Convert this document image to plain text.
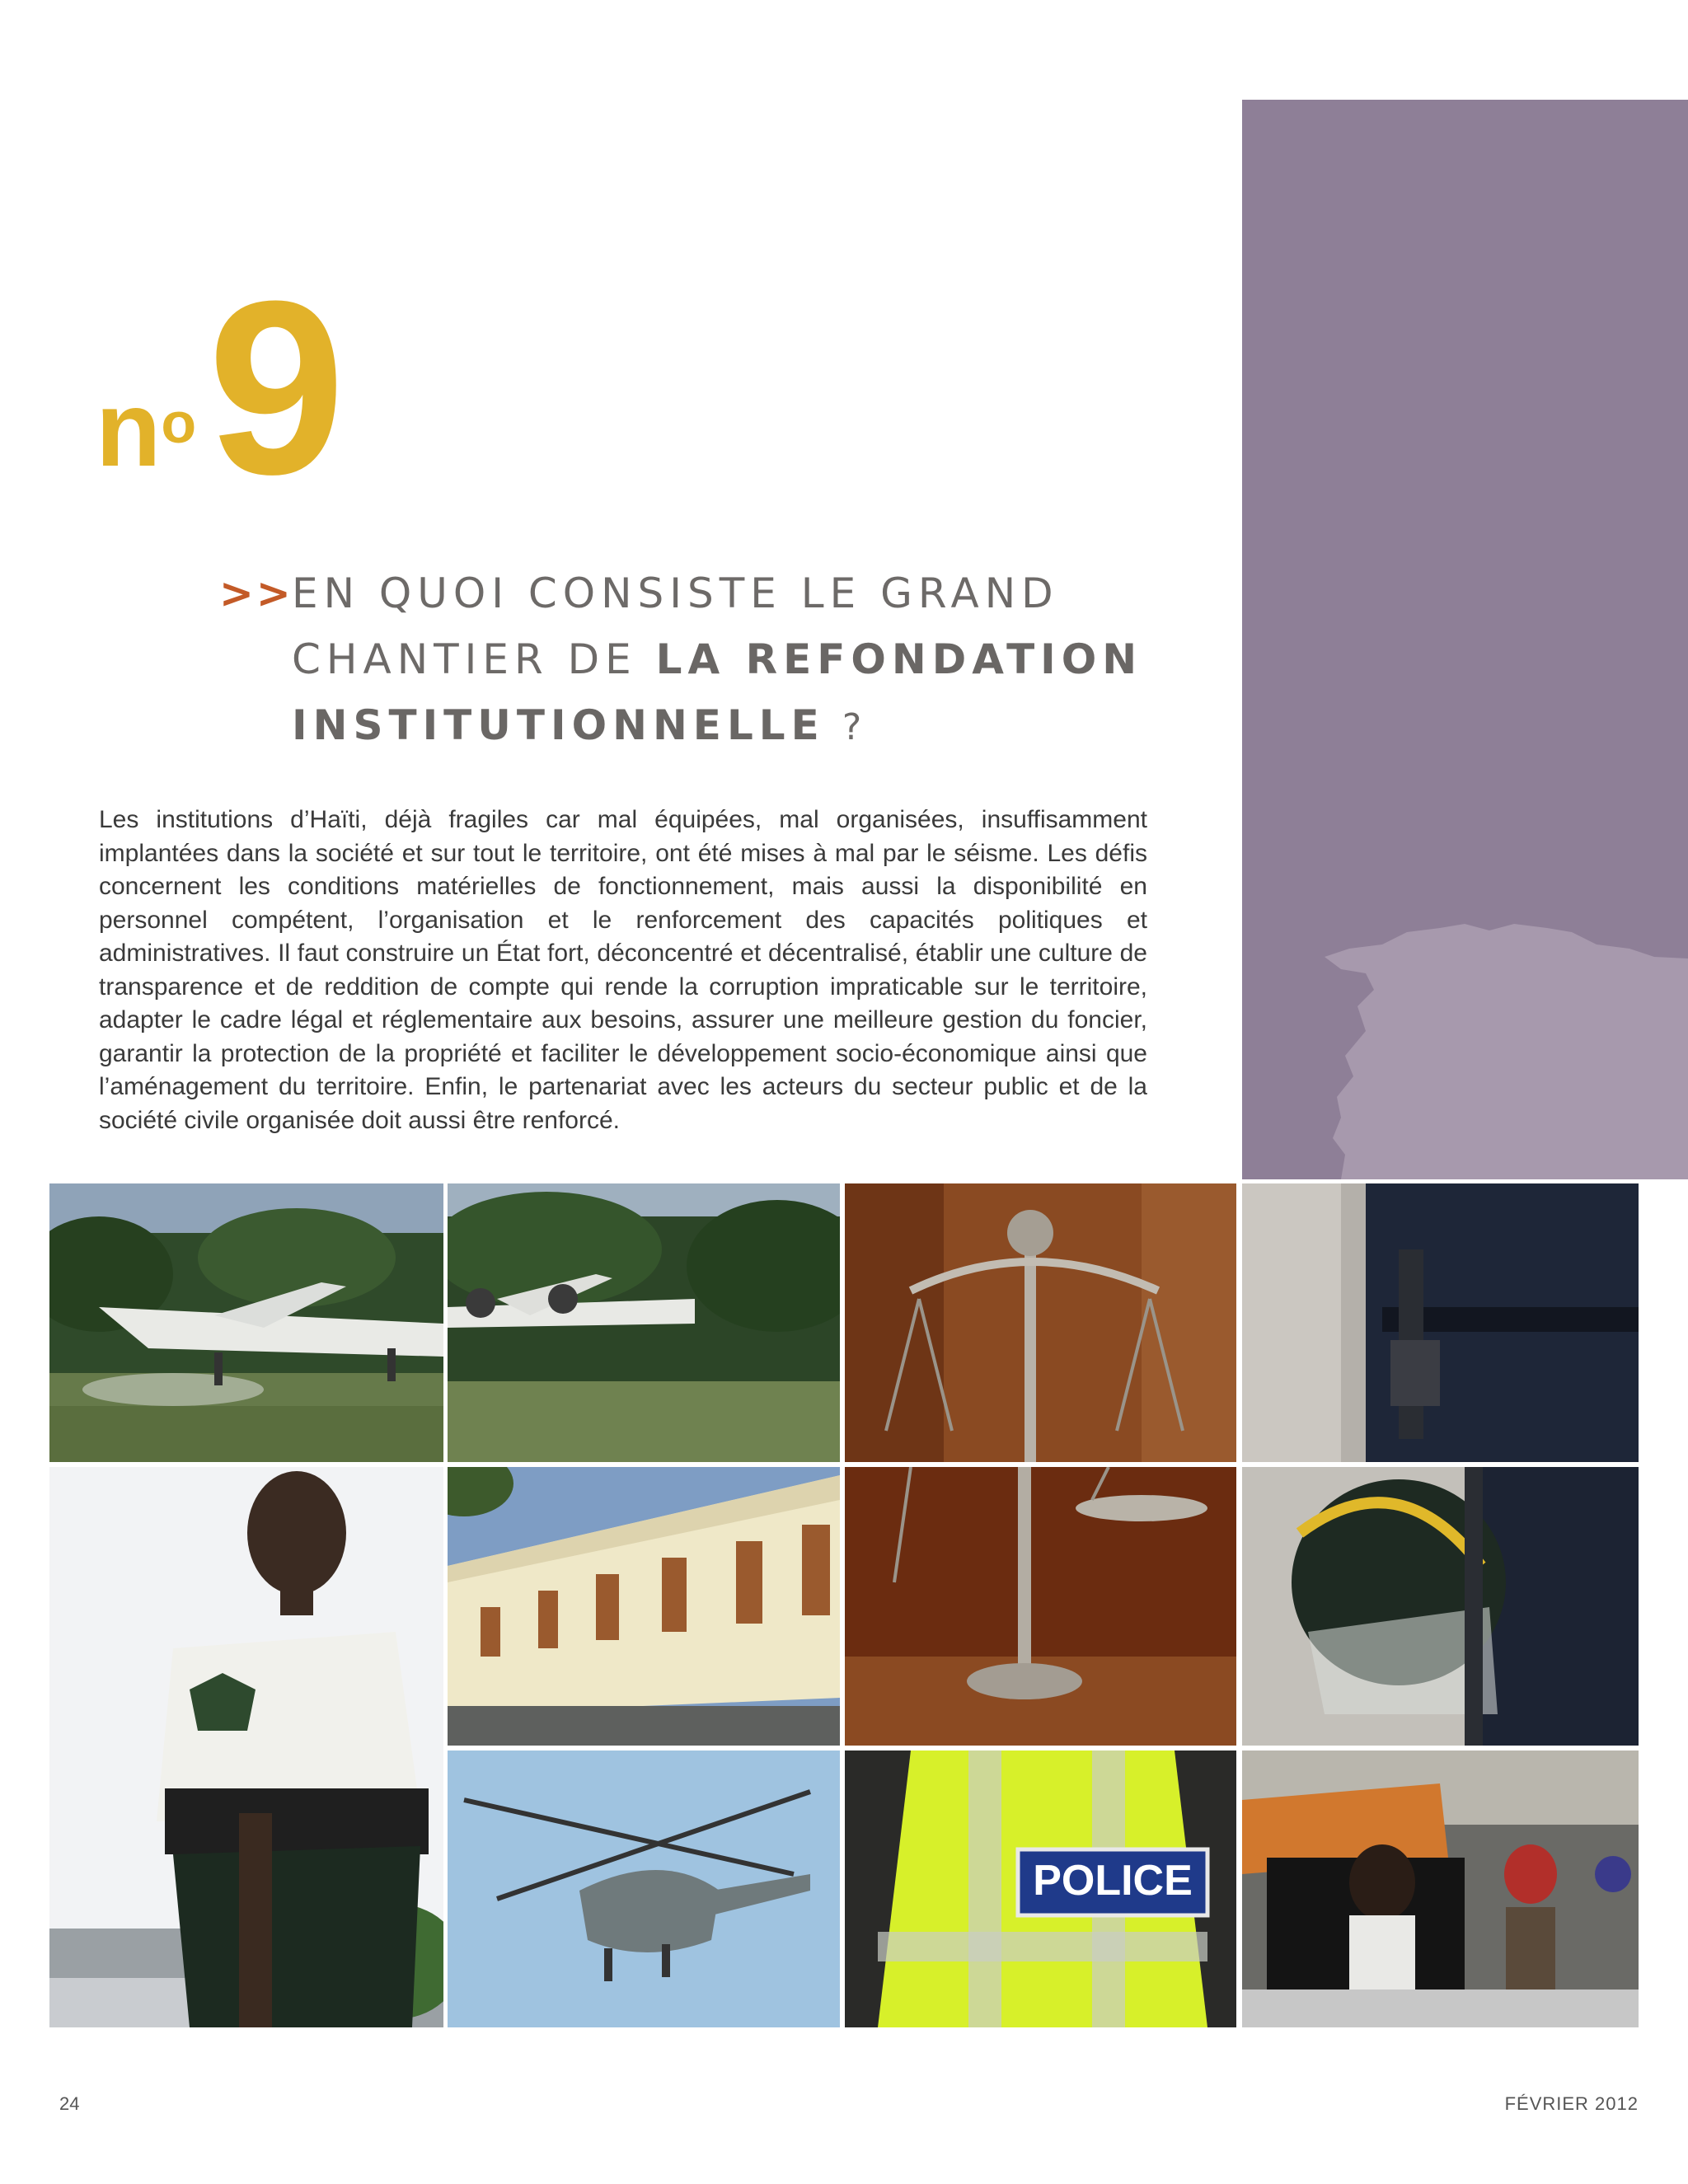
$n^o$ 9
>>
EN QUOI CONSISTE LE GRAND
CHANTIER DE LA REFONDATION
INSTITUTIONNELLE ?

Les institutions d’Haïti, déjà fragiles car mal équipées, mal organisées, insuffisamment implantées dans la société et sur tout le territoire, ont été mises à mal par le séisme. Les défis concernent les conditions matérielles de fonctionnement, mais aussi la disponibilité en personnel compétent, l’organisation et le renforcement des capacités politiques et administratives. Il faut construire un État fort, déconcentré et décentralisé, établir une culture de transparence et de reddition de compte qui rende la corruption impraticable sur le territoire, adapter le cadre légal et réglementaire aux besoins, assurer une meilleure gestion du foncier, garantir la protection de la propriété et faciliter le développement socio-économique ainsi que l’aménagement du territoire. Enfin, le partenariat avec les acteurs du secteur public et de la société civile organisée doit aussi être renforcé.

POLICE
24	FÉVRIER 2012
